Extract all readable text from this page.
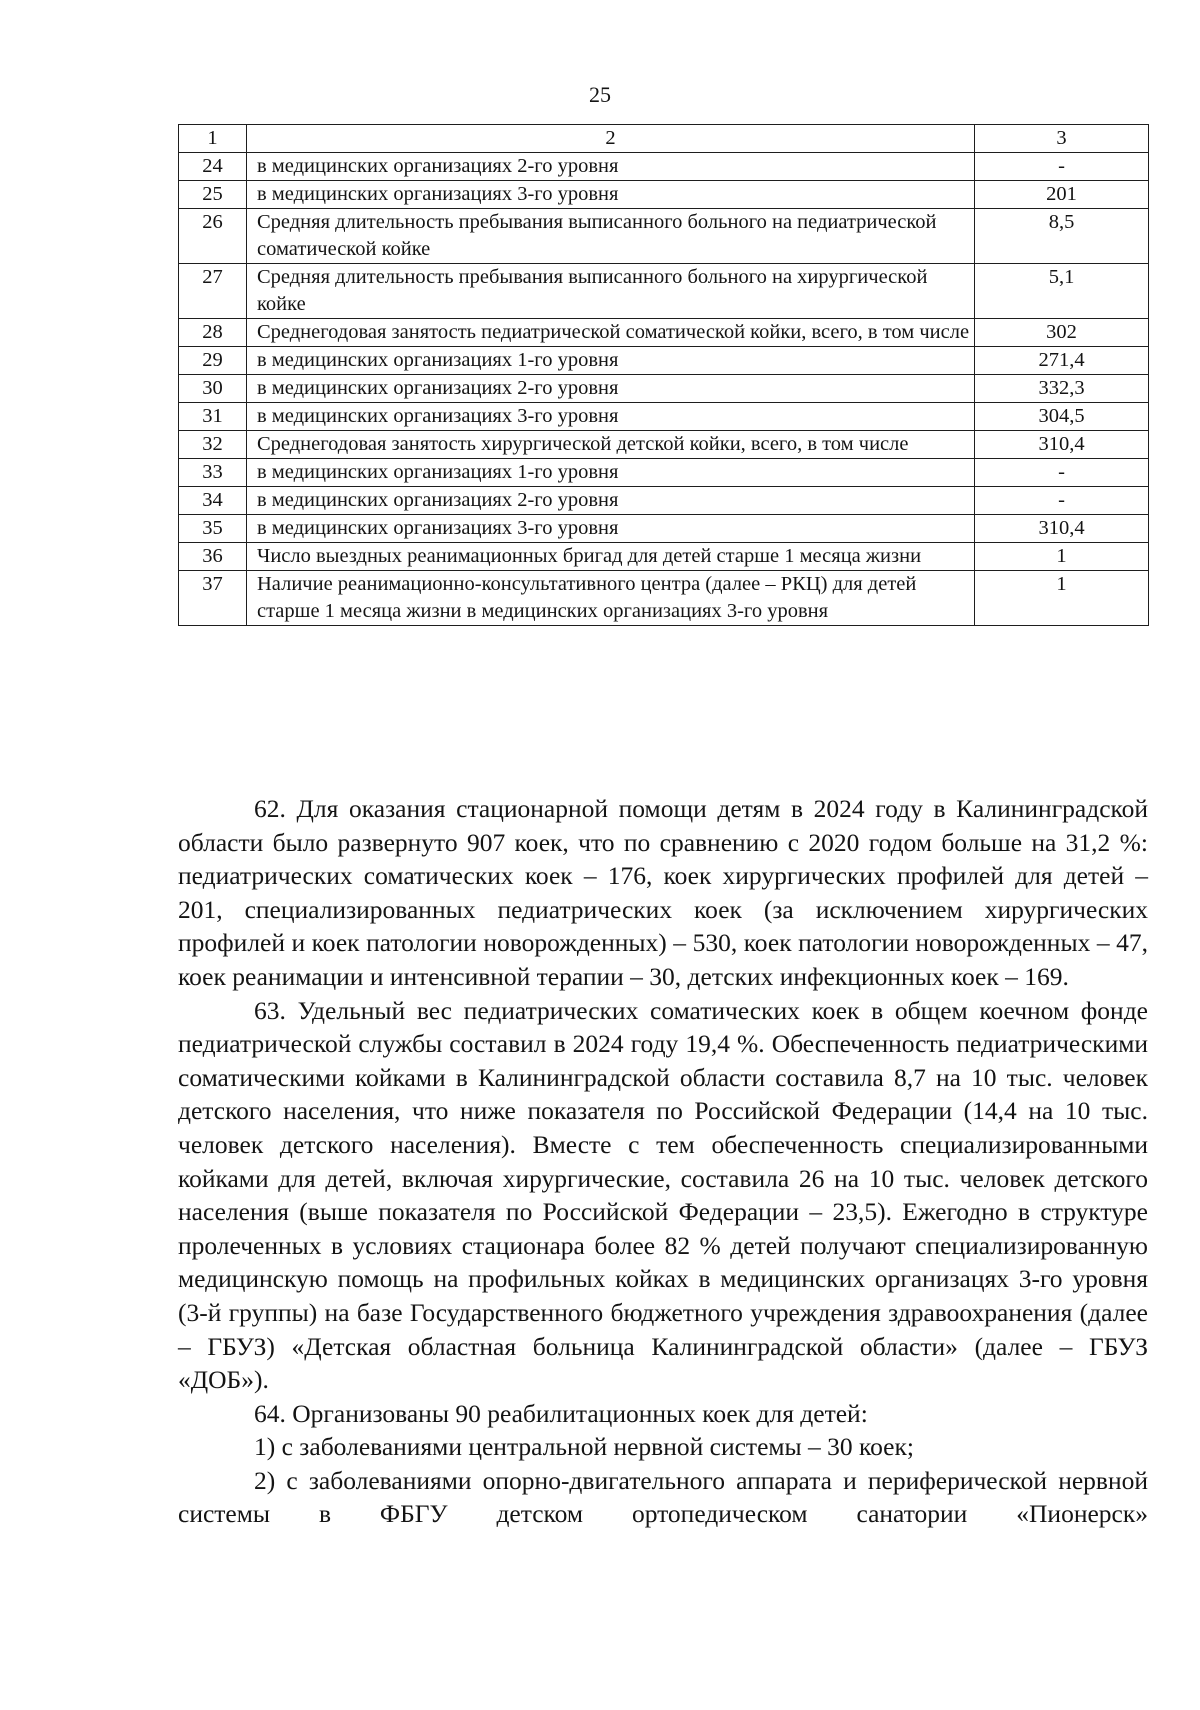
25
1	2	3
24	в медицинских организациях 2-го уровня	-
25	в медицинских организациях 3-го уровня	201
26	Средняя длительность пребывания выписанного больного на педиатрической соматической койке	8,5
27	Средняя длительность пребывания выписанного больного на хирургической койке	5,1
28	Среднегодовая занятость педиатрической соматической койки, всего, в том числе	302
29	в медицинских организациях 1-го уровня	271,4
30	в медицинских организациях 2-го уровня	332,3
31	в медицинских организациях 3-го уровня	304,5
32	Среднегодовая занятость хирургической детской койки, всего, в том числе	310,4
33	в медицинских организациях 1-го уровня	-
34	в медицинских организациях 2-го уровня	-
35	в медицинских организациях 3-го уровня	310,4
36	Число выездных реанимационных бригад для детей старше 1 месяца жизни	1
37	Наличие реанимационно-консультативного центра (далее – РКЦ) для детей старше 1 месяца жизни в медицинских организациях 3-го уровня	1

62. Для оказания стационарной помощи детям в 2024 году в Калининградской области было развернуто 907 коек, что по сравнению с 2020 годом больше на 31,2 %: педиатрических соматических коек – 176, коек хирургических профилей для детей – 201, специализированных педиатрических коек (за исключением хирургических профилей и коек патологии новорожденных) – 530, коек патологии новорожденных – 47, коек реанимации и интенсивной терапии – 30, детских инфекционных коек – 169.

63. Удельный вес педиатрических соматических коек в общем коечном фонде педиатрической службы составил в 2024 году 19,4 %. Обеспеченность педиатрическими соматическими койками в Калининградской области составила 8,7 на 10 тыс. человек детского населения, что ниже показателя по Российской Федерации (14,4 на 10 тыс. человек детского населения). Вместе с тем обеспеченность специализированными койками для детей, включая хирургические, составила 26 на 10 тыс. человек детского населения (выше показателя по Российской Федерации – 23,5). Ежегодно в структуре пролеченных в условиях стационара более 82 % детей получают специализированную медицинскую помощь на профильных койках в медицинских организацях 3-го уровня (3-й группы) на базе Государственного бюджетного учреждения здравоохранения (далее – ГБУЗ) «Детская областная больница Калининградской области» (далее – ГБУЗ «ДОБ»).

64. Организованы 90 реабилитационных коек для детей:

1) с заболеваниями центральной нервной системы – 30 коек;

2) с заболеваниями опорно-двигательного аппарата и периферической нервной системы в ФБГУ детском ортопедическом санатории «Пионерск»
